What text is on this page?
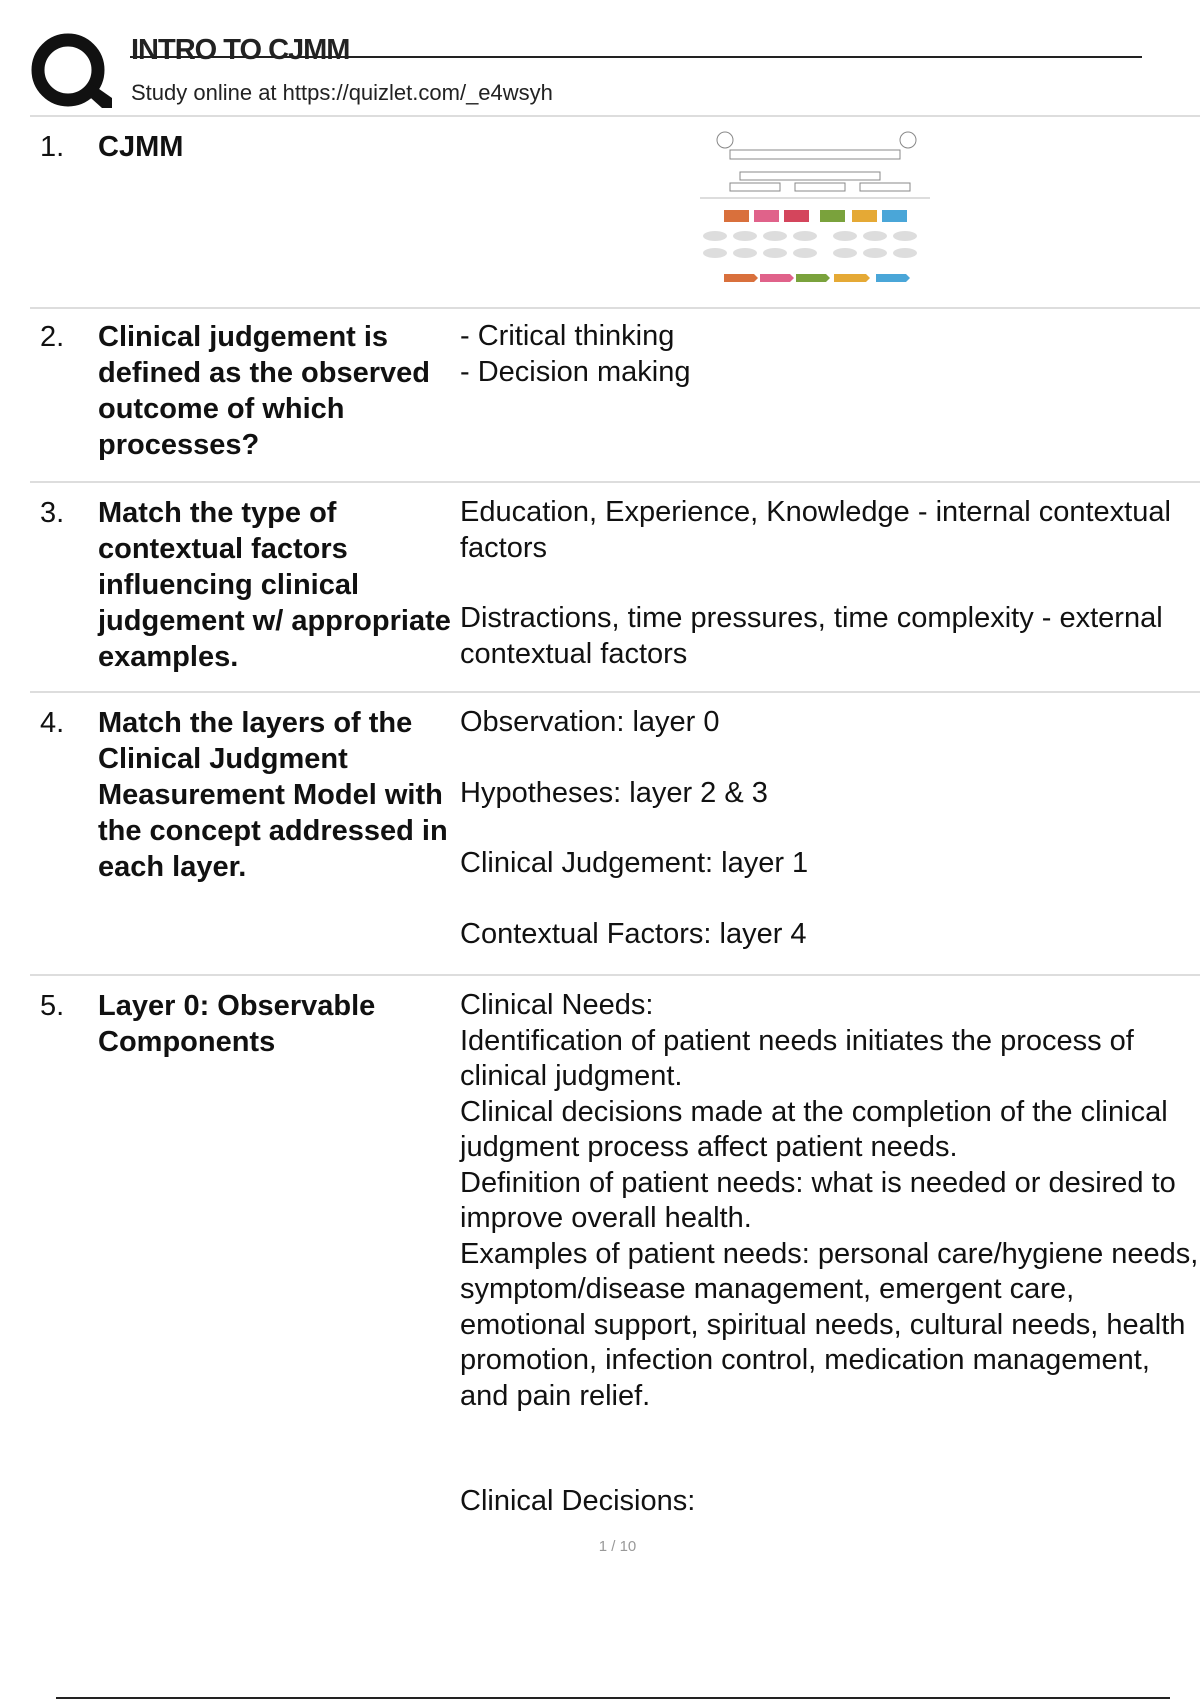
INTRO TO CJMM
Study online at https://quizlet.com/_e4wsyh
1. CJMM
2. Clinical judgement is defined as the observed outcome of which processes?

- Critical thinking

- Decision making

3. Match the type of contextual factors influencing clinical judgement w/ appropriate examples.

Education, Experience, Knowledge - internal contextual factors

Distractions, time pressures, time complexity - external contextual factors

4. Match the layers of the Clinical Judgment Measurement Model with the concept addressed in each layer.

Observation: layer 0

Hypotheses: layer 2 & 3

Clinical Judgement: layer 1

Contextual Factors: layer 4

5. Layer 0: Observable Components

Clinical Needs:

Identification of patient needs initiates the process of clinical judgment.

Clinical decisions made at the completion of the clinical judgment process affect patient needs.

Definition of patient needs: what is needed or desired to improve overall health.

Examples of patient needs: personal care/hygiene needs, symptom/disease management, emergent care, emotional support, spiritual needs, cultural needs, health promotion, infection control, medication management, and pain relief.

Clinical Decisions:

1 / 10
